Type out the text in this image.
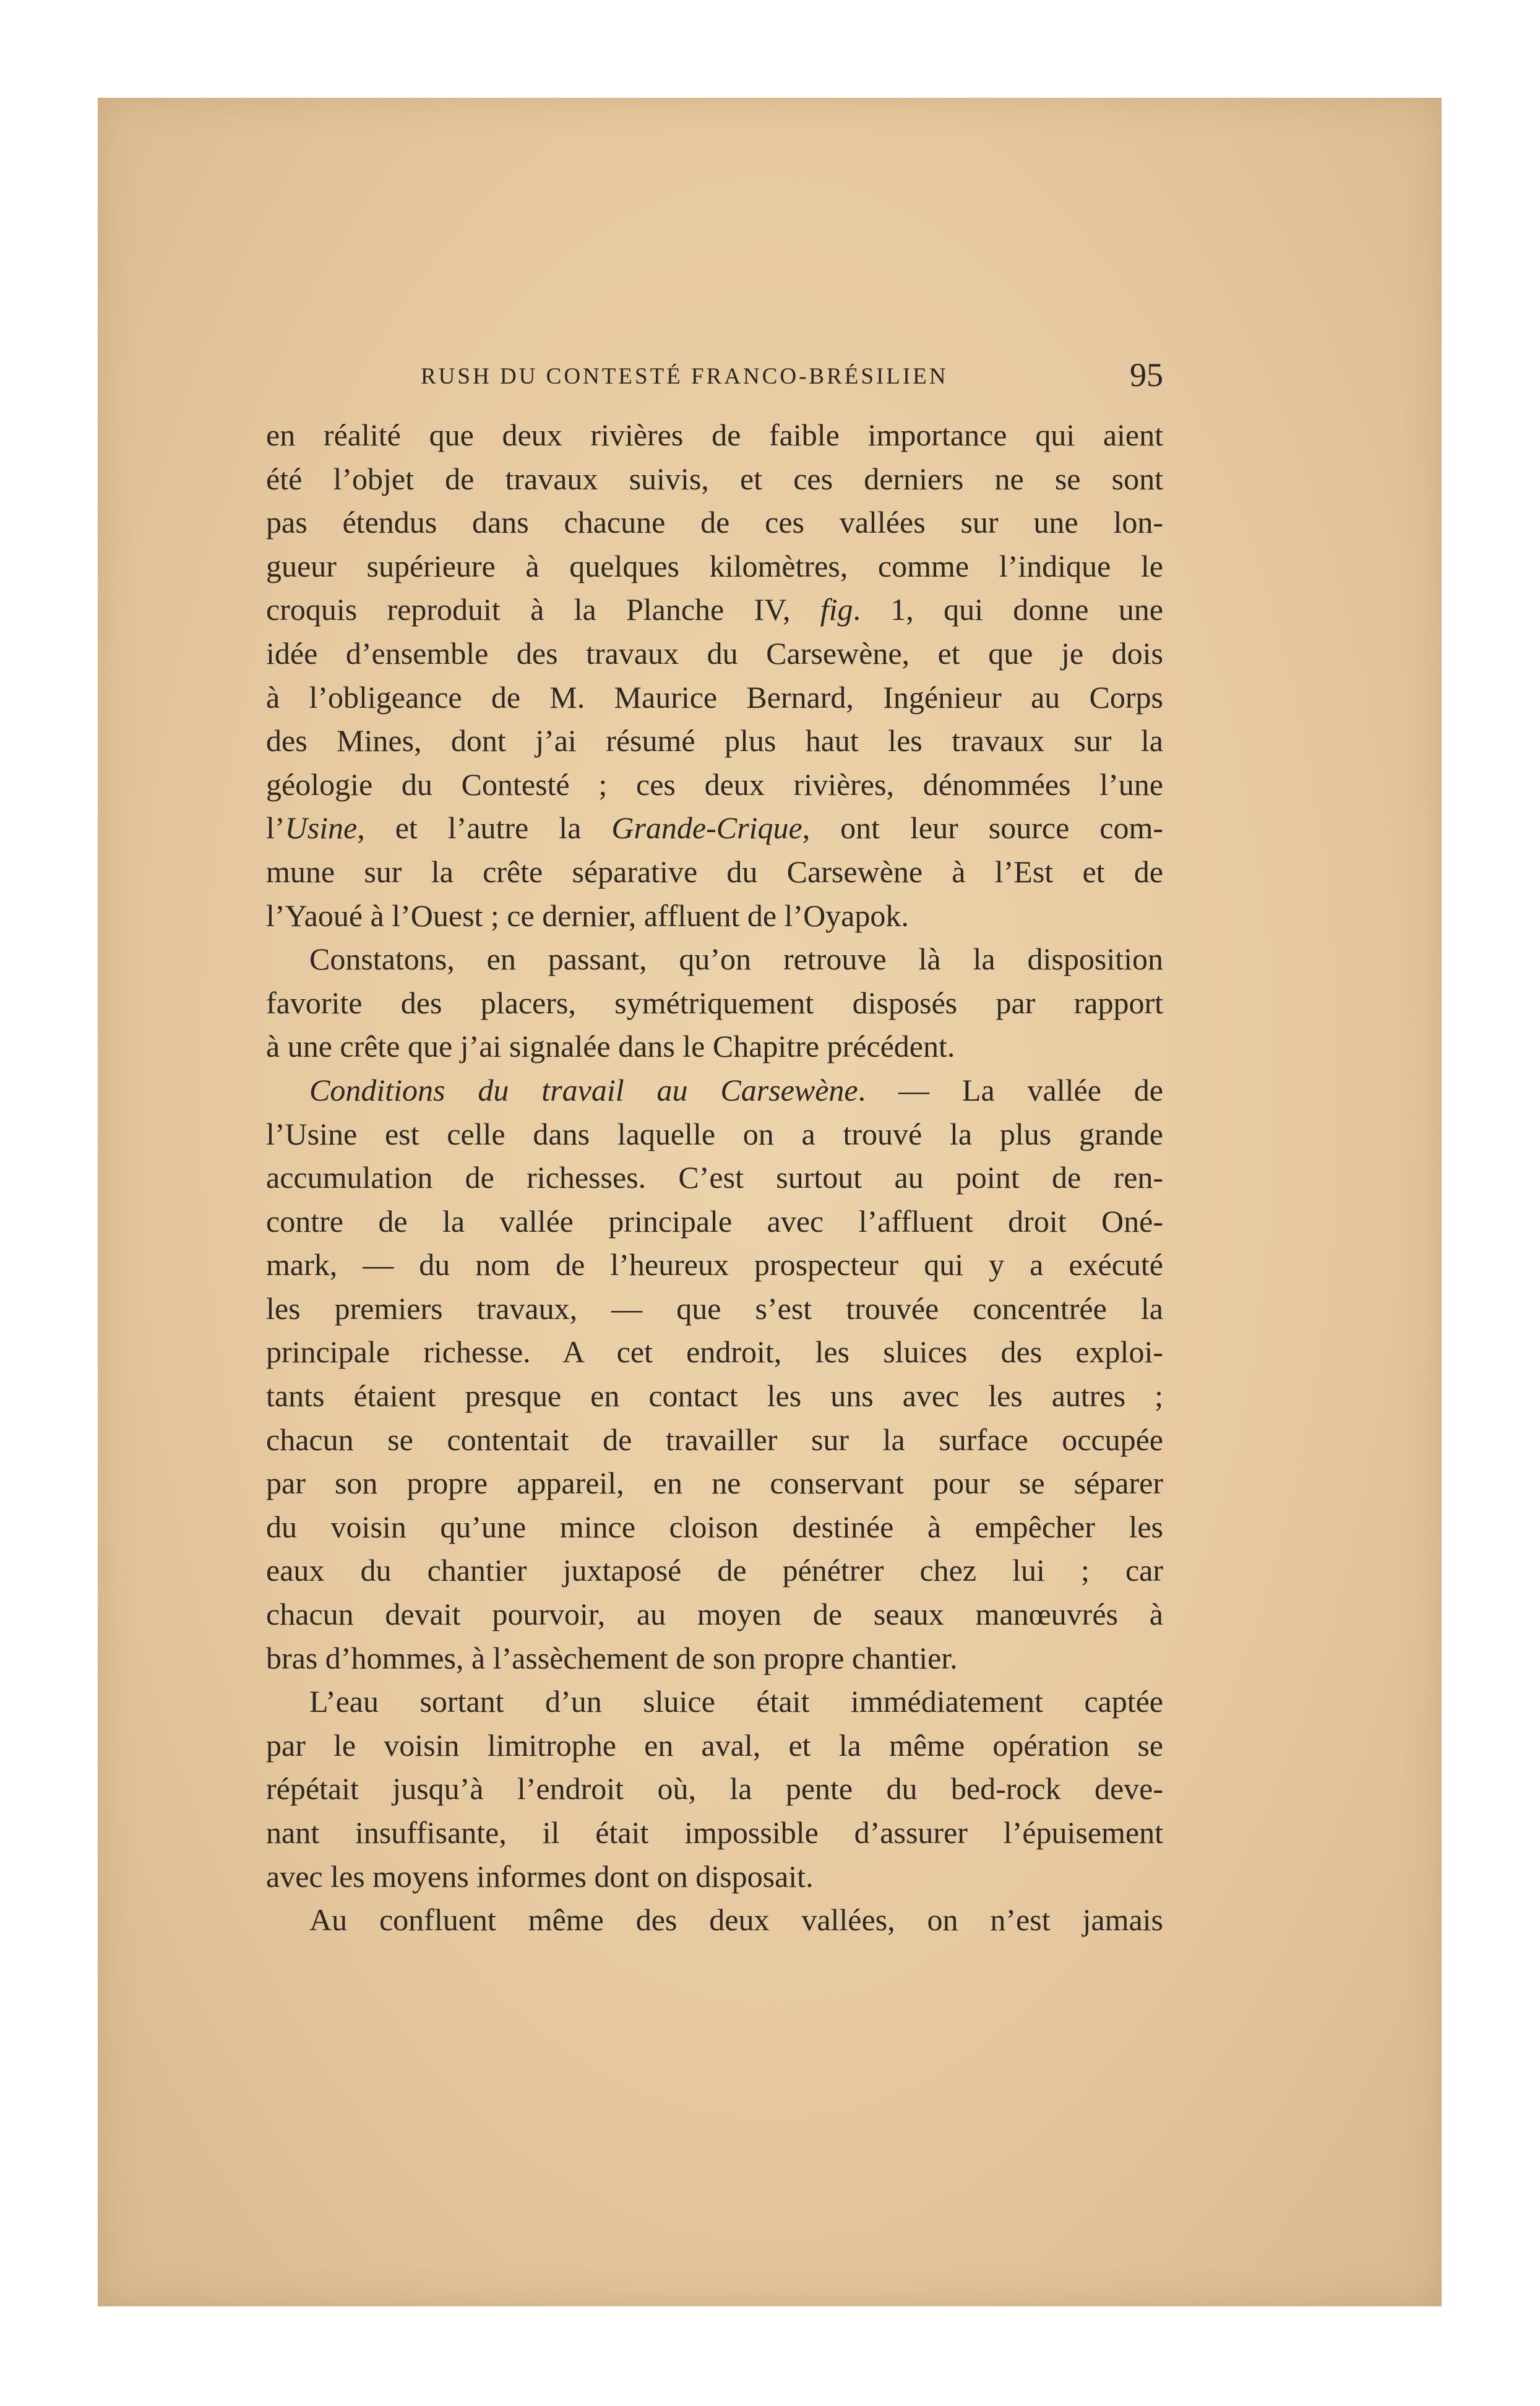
RUSH DU CONTESTÉ FRANCO-BRÉSILIEN	95
en réalité que deux rivières de faible importance qui aient
été l’objet de travaux suivis, et ces derniers ne se sont
pas étendus dans chacune de ces vallées sur une lon-
gueur supérieure à quelques kilomètres, comme l’indique le
croquis reproduit à la Planche IV, fig. 1, qui donne une
idée d’ensemble des travaux du Carsewène, et que je dois
à l’obligeance de M. Maurice Bernard, Ingénieur au Corps
des Mines, dont j’ai résumé plus haut les travaux sur la
géologie du Contesté ; ces deux rivières, dénommées l’une
l’Usine, et l’autre la Grande-Crique, ont leur source com-
mune sur la crête séparative du Carsewène à l’Est et de
l’Yaoué à l’Ouest ; ce dernier, affluent de l’Oyapok.
Constatons, en passant, qu’on retrouve là la disposition
favorite des placers, symétriquement disposés par rapport
à une crête que j’ai signalée dans le Chapitre précédent.
Conditions du travail au Carsewène. — La vallée de
l’Usine est celle dans laquelle on a trouvé la plus grande
accumulation de richesses. C’est surtout au point de ren-
contre de la vallée principale avec l’affluent droit Oné-
mark, — du nom de l’heureux prospecteur qui y a exécuté
les premiers travaux, — que s’est trouvée concentrée la
principale richesse. A cet endroit, les sluices des exploi-
tants étaient presque en contact les uns avec les autres ;
chacun se contentait de travailler sur la surface occupée
par son propre appareil, en ne conservant pour se séparer
du voisin qu’une mince cloison destinée à empêcher les
eaux du chantier juxtaposé de pénétrer chez lui ; car
chacun devait pourvoir, au moyen de seaux manœuvrés à
bras d’hommes, à l’assèchement de son propre chantier.
L’eau sortant d’un sluice était immédiatement captée
par le voisin limitrophe en aval, et la même opération se
répétait jusqu’à l’endroit où, la pente du bed-rock deve-
nant insuffisante, il était impossible d’assurer l’épuisement
avec les moyens informes dont on disposait.
Au confluent même des deux vallées, on n’est jamais
